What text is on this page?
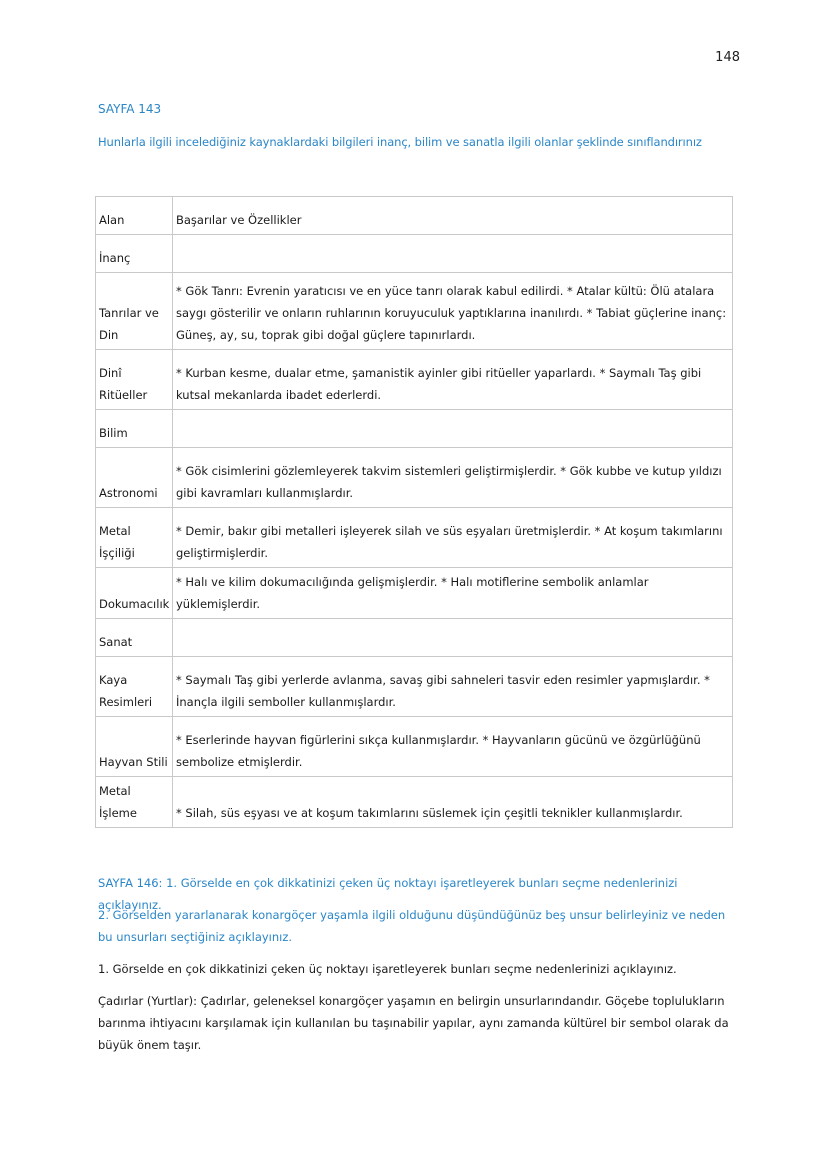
148
SAYFA 143
Hunlarla ilgili incelediğiniz kaynaklardaki bilgileri inanç, bilim ve sanatla ilgili olanlar şeklinde sınıflandırınız
Alan	Başarılar ve Özellikler
İnanç	
Tanrılar ve Din	* Gök Tanrı: Evrenin yaratıcısı ve en yüce tanrı olarak kabul edilirdi. * Atalar kültü: Ölü atalara saygı gösterilir ve onların ruhlarının koruyuculuk yaptıklarına inanılırdı. * Tabiat güçlerine inanç: Güneş, ay, su, toprak gibi doğal güçlere tapınırlardı.
Dinî Ritüeller	* Kurban kesme, dualar etme, şamanistik ayinler gibi ritüeller yaparlardı. * Saymalı Taş gibi kutsal mekanlarda ibadet ederlerdi.
Bilim	
Astronomi	* Gök cisimlerini gözlemleyerek takvim sistemleri geliştirmişlerdir. * Gök kubbe ve kutup yıldızı gibi kavramları kullanmışlardır.
Metal İşçiliği	* Demir, bakır gibi metalleri işleyerek silah ve süs eşyaları üretmişlerdir. * At koşum takımlarını geliştirmişlerdir.
Dokumacılık	* Halı ve kilim dokumacılığında gelişmişlerdir. * Halı motiflerine sembolik anlamlar yüklemişlerdir.
Sanat	
Kaya Resimleri	* Saymalı Taş gibi yerlerde avlanma, savaş gibi sahneleri tasvir eden resimler yapmışlardır. * İnançla ilgili semboller kullanmışlardır.
Hayvan Stili	* Eserlerinde hayvan figürlerini sıkça kullanmışlardır. * Hayvanların gücünü ve özgürlüğünü sembolize etmişlerdir.
Metal İşleme	* Silah, süs eşyası ve at koşum takımlarını süslemek için çeşitli teknikler kullanmışlardır.
SAYFA 146: 1. Görselde en çok dikkatinizi çeken üç noktayı işaretleyerek bunları seçme nedenlerinizi açıklayınız.
2. Görselden yararlanarak konargöçer yaşamla ilgili olduğunu düşündüğünüz beş unsur belirleyiniz ve neden bu unsurları seçtiğiniz açıklayınız.
1. Görselde en çok dikkatinizi çeken üç noktayı işaretleyerek bunları seçme nedenlerinizi açıklayınız.
Çadırlar (Yurtlar): Çadırlar, geleneksel konargöçer yaşamın en belirgin unsurlarındandır. Göçebe toplulukların barınma ihtiyacını karşılamak için kullanılan bu taşınabilir yapılar, aynı zamanda kültürel bir sembol olarak da büyük önem taşır.
